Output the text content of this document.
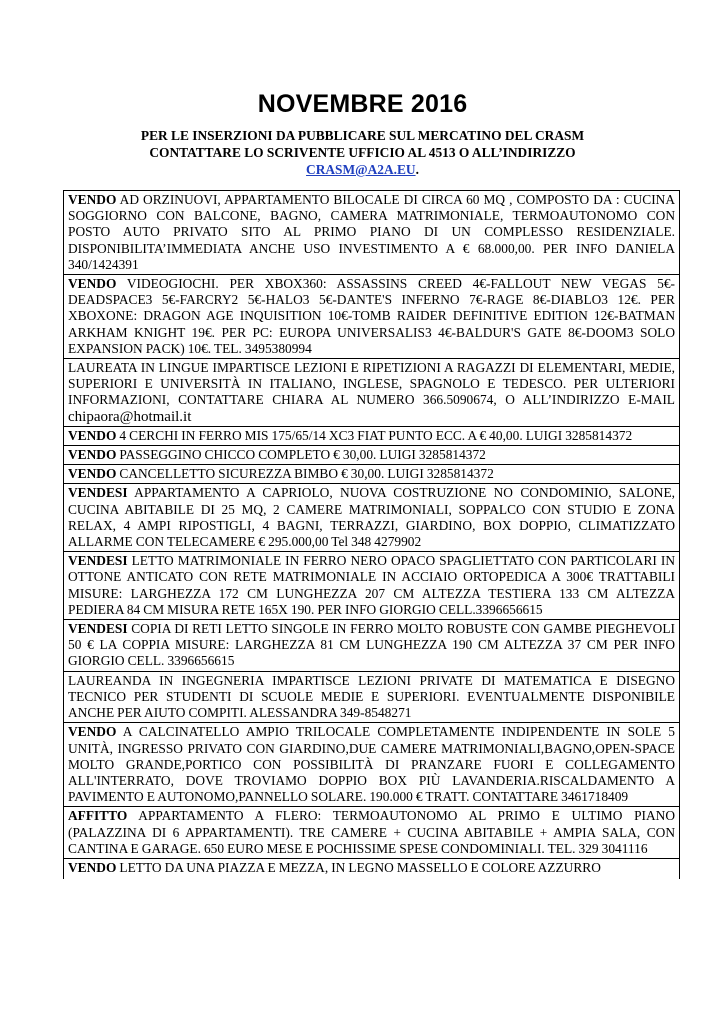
NOVEMBRE 2016
PER LE INSERZIONI DA PUBBLICARE SUL MERCATINO DEL CRASM
CONTATTARE LO SCRIVENTE UFFICIO AL 4513 O ALL’INDIRIZZO
CRASM@A2A.EU.
VENDO AD ORZINUOVI, APPARTAMENTO BILOCALE DI CIRCA 60 MQ , COMPOSTO DA : CUCINA SOGGIORNO CON BALCONE, BAGNO, CAMERA MATRIMONIALE, TERMOAUTONOMO CON POSTO AUTO PRIVATO SITO AL PRIMO PIANO DI UN COMPLESSO RESIDENZIALE. DISPONIBILITA’IMMEDIATA ANCHE USO INVESTIMENTO A € 68.000,00. PER INFO DANIELA 340/1424391
VENDO VIDEOGIOCHI. PER XBOX360: ASSASSINS CREED 4€-FALLOUT NEW VEGAS 5€-DEADSPACE3 5€-FARCRY2 5€-HALO3 5€-DANTE'S INFERNO 7€-RAGE 8€-DIABLO3 12€. PER XBOXONE: DRAGON AGE INQUISITION 10€-TOMB RAIDER DEFINITIVE EDITION 12€-BATMAN ARKHAM KNIGHT 19€. PER PC: EUROPA UNIVERSALIS3 4€-BALDUR'S GATE 8€-DOOM3 SOLO EXPANSION PACK) 10€. TEL. 3495380994
LAUREATA IN LINGUE IMPARTISCE LEZIONI E RIPETIZIONI A RAGAZZI DI ELEMENTARI, MEDIE, SUPERIORI E UNIVERSITÀ IN ITALIANO, INGLESE, SPAGNOLO E TEDESCO. PER ULTERIORI INFORMAZIONI, CONTATTARE CHIARA AL NUMERO 366.5090674, O ALL’INDIRIZZO E-MAIL chipaora@hotmail.it
VENDO 4 CERCHI IN FERRO MIS 175/65/14 XC3 FIAT PUNTO ECC. A € 40,00. LUIGI 3285814372
VENDO PASSEGGINO CHICCO COMPLETO € 30,00. LUIGI 3285814372
VENDO CANCELLETTO SICUREZZA BIMBO € 30,00. LUIGI 3285814372
VENDESI APPARTAMENTO A CAPRIOLO, NUOVA COSTRUZIONE NO CONDOMINIO, SALONE, CUCINA ABITABILE DI 25 MQ, 2 CAMERE MATRIMONIALI, SOPPALCO CON STUDIO E ZONA RELAX, 4 AMPI RIPOSTIGLI, 4 BAGNI, TERRAZZI, GIARDINO, BOX DOPPIO, CLIMATIZZATO ALLARME CON TELECAMERE € 295.000,00 Tel 348 4279902
VENDESI LETTO MATRIMONIALE IN FERRO NERO OPACO SPAGLIETTATO CON PARTICOLARI IN OTTONE ANTICATO CON RETE MATRIMONIALE IN ACCIAIO ORTOPEDICA A 300€ TRATTABILI MISURE: LARGHEZZA 172 CM LUNGHEZZA 207 CM ALTEZZA TESTIERA 133 CM ALTEZZA PEDIERA 84 CM MISURA RETE 165X 190. PER INFO GIORGIO CELL.3396656615
VENDESI COPIA DI RETI LETTO SINGOLE IN FERRO MOLTO ROBUSTE CON GAMBE PIEGHEVOLI 50 € LA COPPIA MISURE: LARGHEZZA 81 CM LUNGHEZZA 190 CM ALTEZZA 37 CM PER INFO GIORGIO CELL. 3396656615
LAUREANDA IN INGEGNERIA IMPARTISCE LEZIONI PRIVATE DI MATEMATICA E DISEGNO TECNICO PER STUDENTI DI SCUOLE MEDIE E SUPERIORI. EVENTUALMENTE DISPONIBILE ANCHE PER AIUTO COMPITI. ALESSANDRA 349-8548271
VENDO A CALCINATELLO AMPIO TRILOCALE COMPLETAMENTE INDIPENDENTE IN SOLE 5 UNITÀ, INGRESSO PRIVATO CON GIARDINO,DUE CAMERE MATRIMONIALI,BAGNO,OPEN-SPACE MOLTO GRANDE,PORTICO CON POSSIBILITÀ DI PRANZARE FUORI E COLLEGAMENTO ALL'INTERRATO, DOVE TROVIAMO DOPPIO BOX PIÙ LAVANDERIA.RISCALDAMENTO A PAVIMENTO E AUTONOMO,PANNELLO SOLARE. 190.000 € TRATT. CONTATTARE 3461718409
AFFITTO APPARTAMENTO A FLERO: TERMOAUTONOMO AL PRIMO E ULTIMO PIANO (PALAZZINA DI 6 APPARTAMENTI). TRE CAMERE + CUCINA ABITABILE + AMPIA SALA, CON CANTINA E GARAGE. 650 EURO MESE E POCHISSIME SPESE CONDOMINIALI. TEL. 329 3041116
VENDO LETTO DA UNA PIAZZA E MEZZA, IN LEGNO MASSELLO E COLORE AZZURRO
